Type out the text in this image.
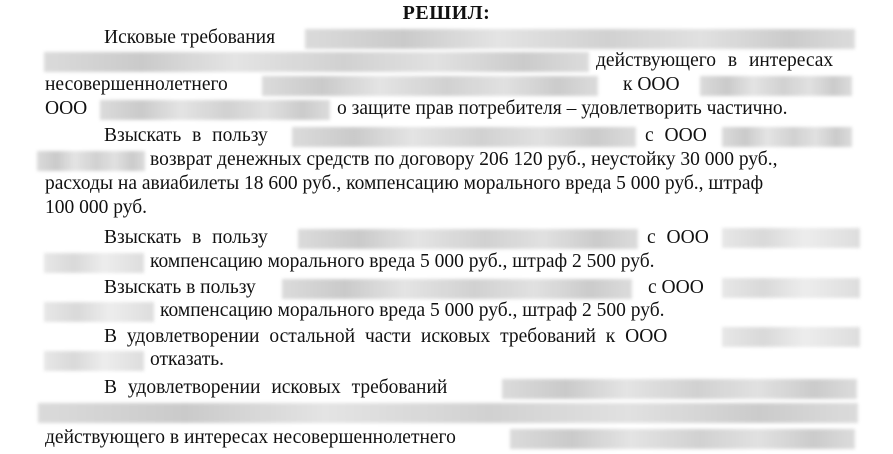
РЕШИЛ:
Исковые требования
действующего в интересах
несовершеннолетнего	к ООО
ООО	о защите прав потребителя – удовлетворить частично.
Взыскать в пользу	с ООО
возврат денежных средств по договору 206 120 руб., неустойку 30 000 руб.,
расходы на авиабилеты 18 600 руб., компенсацию морального вреда 5 000 руб., штраф
100 000 руб.
Взыскать в пользу	с ООО
компенсацию морального вреда 5 000 руб., штраф 2 500 руб.
Взыскать в пользу	с ООО
компенсацию морального вреда 5 000 руб., штраф 2 500 руб.
В удовлетворении остальной части исковых требований к ООО
отказать.
В удовлетворении исковых требований
действующего в интересах несовершеннолетнего
